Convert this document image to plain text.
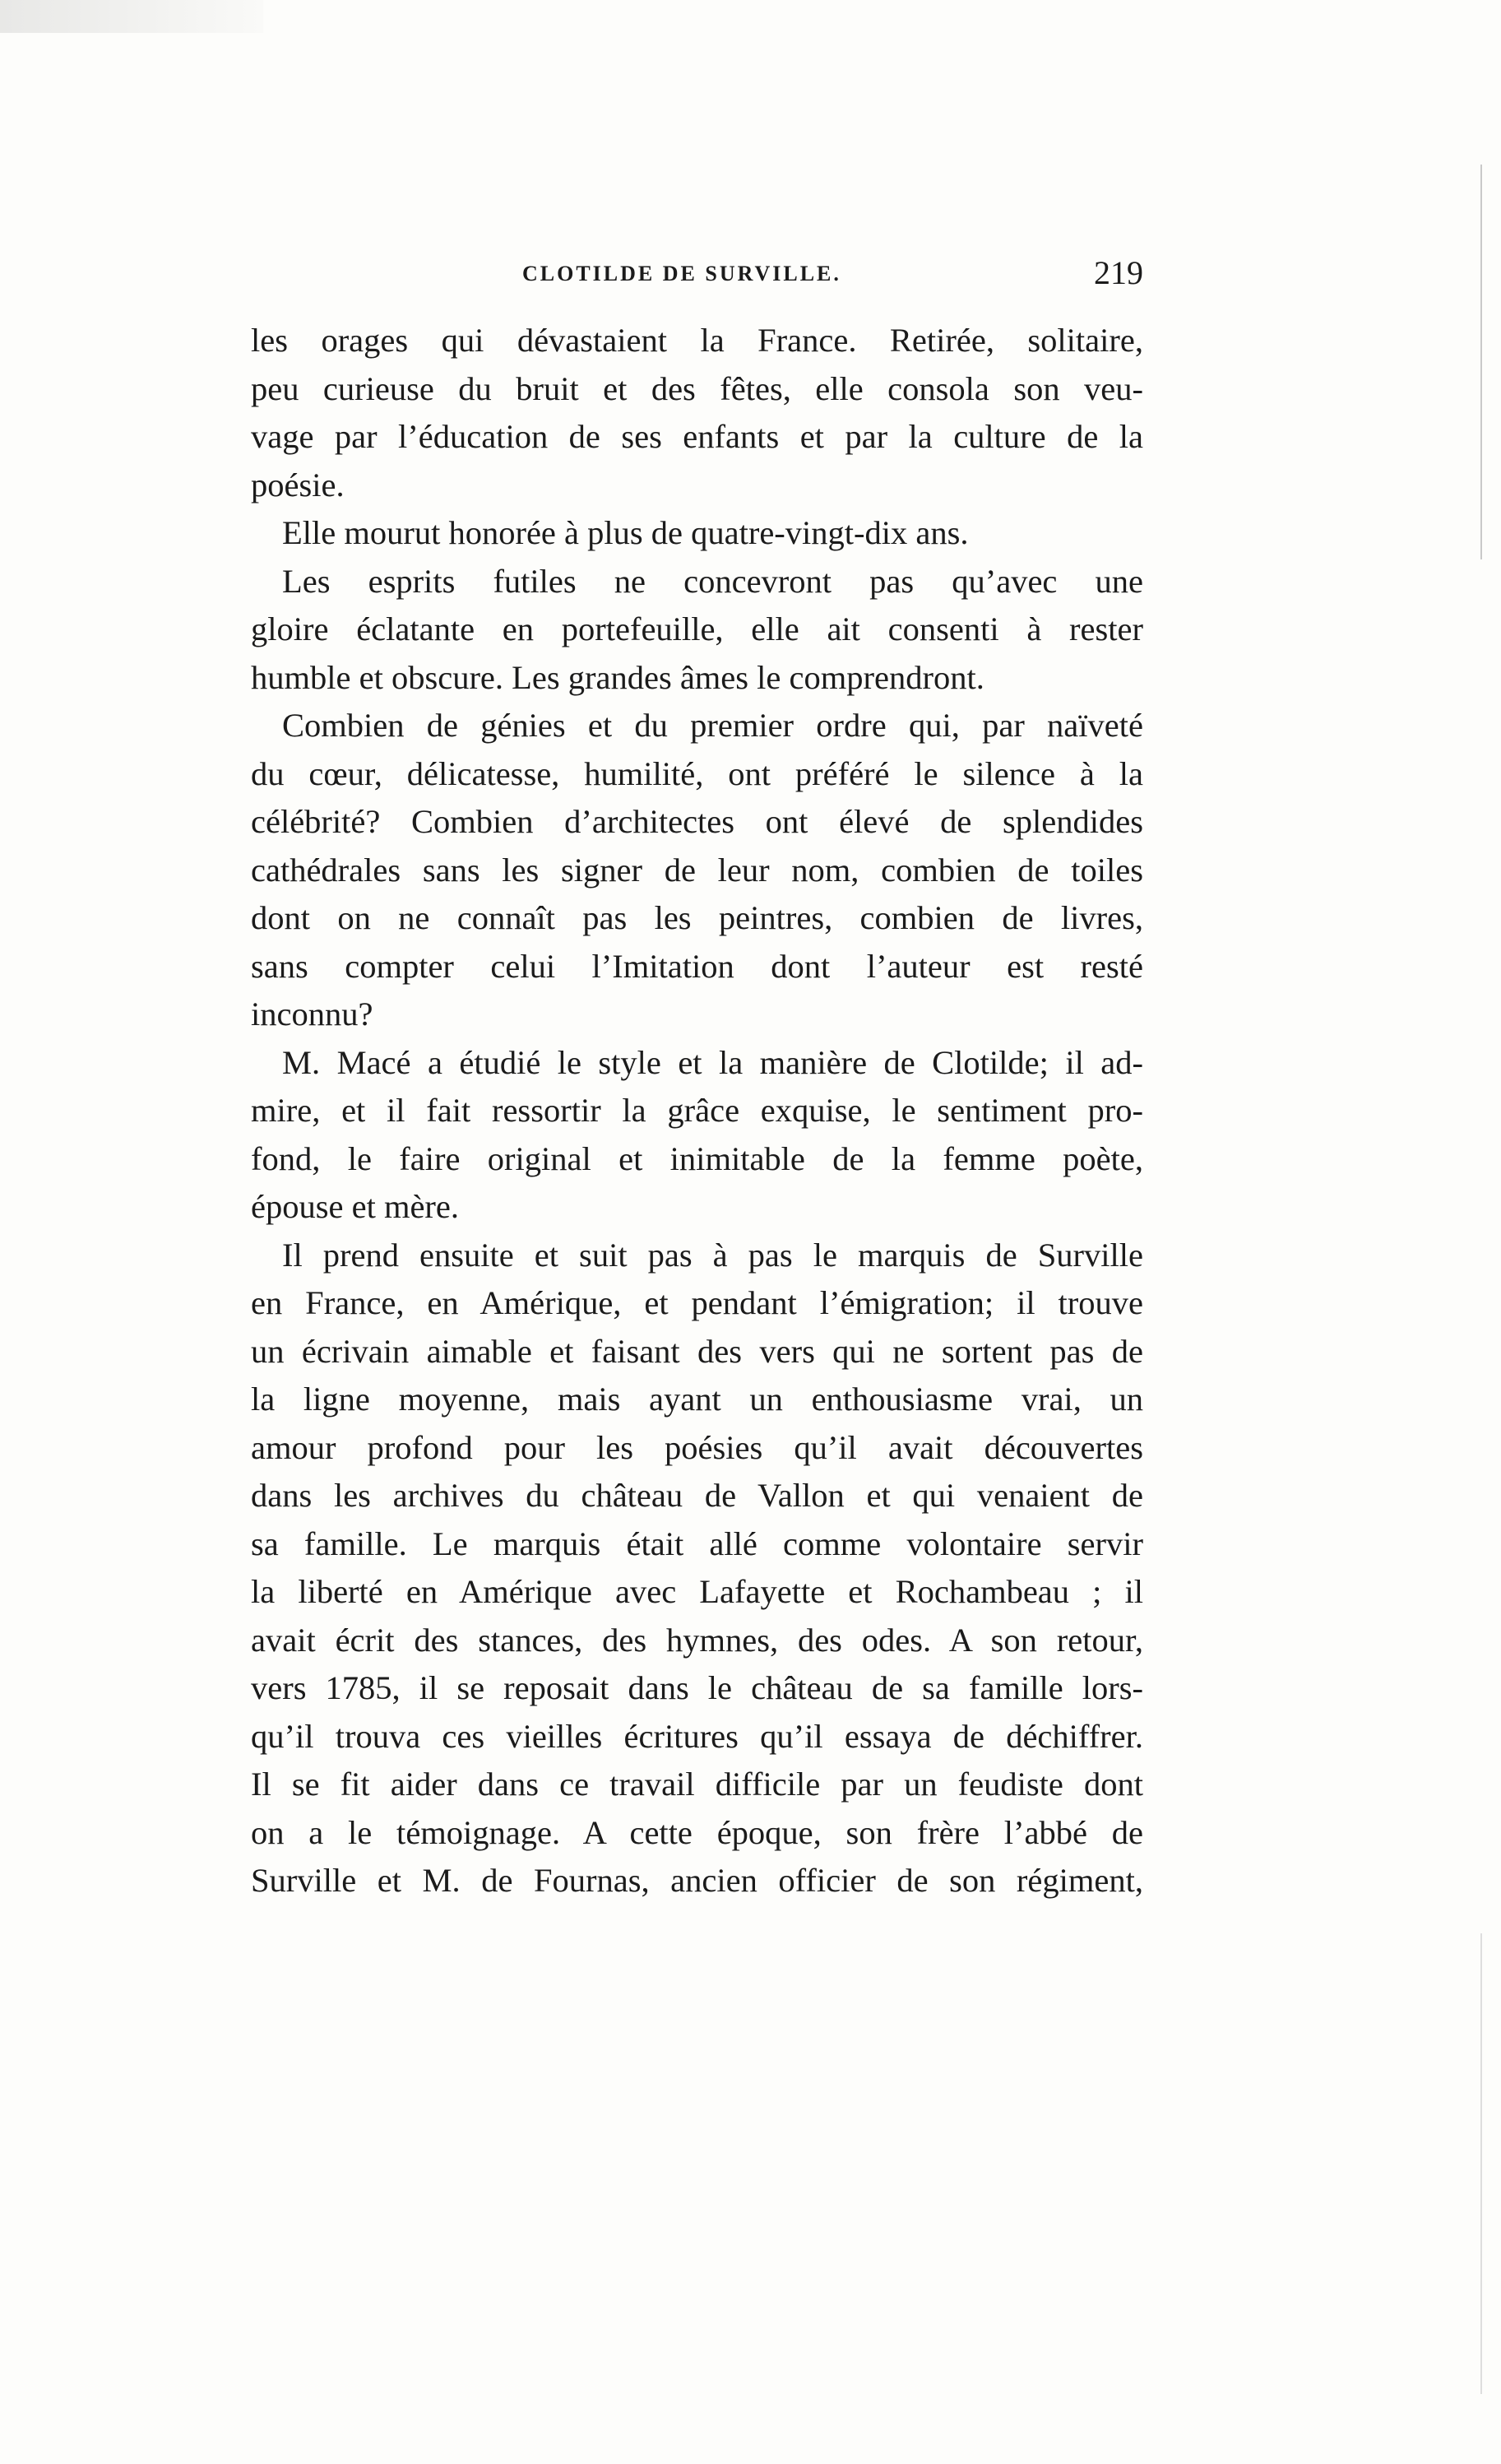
CLOTILDE DE SURVILLE.	219
les orages qui dévastaient la France. Retirée, solitaire,
peu curieuse du bruit et des fêtes, elle consola son veu-
vage par l’éducation de ses enfants et par la culture de la
poésie.
Elle mourut honorée à plus de quatre-vingt-dix ans.
Les esprits futiles ne concevront pas qu’avec une
gloire éclatante en portefeuille, elle ait consenti à rester
humble et obscure. Les grandes âmes le comprendront.
Combien de génies et du premier ordre qui, par naïveté
du cœur, délicatesse, humilité, ont préféré le silence à la
célébrité? Combien d’architectes ont élevé de splendides
cathédrales sans les signer de leur nom, combien de toiles
dont on ne connaît pas les peintres, combien de livres,
sans compter celui l’Imitation dont l’auteur est resté
inconnu?
M. Macé a étudié le style et la manière de Clotilde; il ad-
mire, et il fait ressortir la grâce exquise, le sentiment pro-
fond, le faire original et inimitable de la femme poète,
épouse et mère.
Il prend ensuite et suit pas à pas le marquis de Surville
en France, en Amérique, et pendant l’émigration; il trouve
un écrivain aimable et faisant des vers qui ne sortent pas de
la ligne moyenne, mais ayant un enthousiasme vrai, un
amour profond pour les poésies qu’il avait découvertes
dans les archives du château de Vallon et qui venaient de
sa famille. Le marquis était allé comme volontaire servir
la liberté en Amérique avec Lafayette et Rochambeau ; il
avait écrit des stances, des hymnes, des odes. A son retour,
vers 1785, il se reposait dans le château de sa famille lors-
qu’il trouva ces vieilles écritures qu’il essaya de déchiffrer.
Il se fit aider dans ce travail difficile par un feudiste dont
on a le témoignage. A cette époque, son frère l’abbé de
Surville et M. de Fournas, ancien officier de son régiment,
